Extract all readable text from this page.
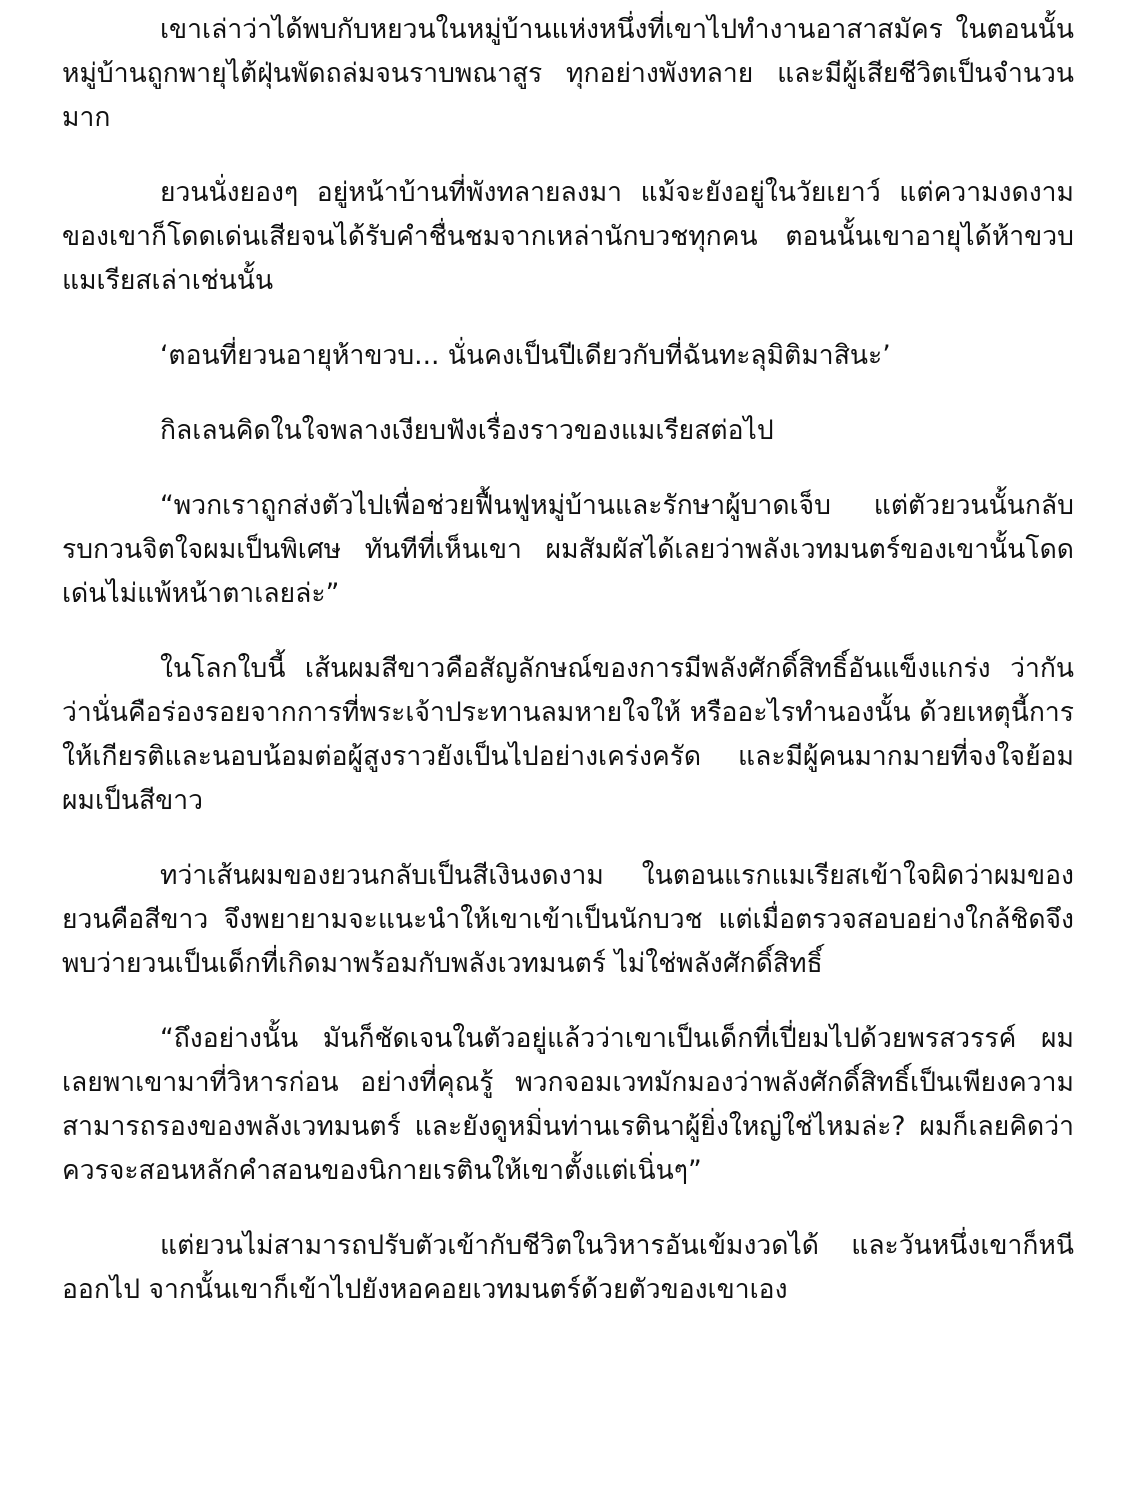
เขาเล่าว่าได้พบกับหยวนในหมู่บ้านแห่งหนึ่งที่เขาไปทำงานอาสาสมัคร ในตอนนั้นหมู่บ้านถูกพายุไต้ฝุ่นพัดถล่มจนราบพณาสูร ทุกอย่างพังทลาย และมีผู้เสียชีวิตเป็นจำนวนมาก

ยวนนั่งยองๆ อยู่หน้าบ้านที่พังทลายลงมา แม้จะยังอยู่ในวัยเยาว์ แต่ความงดงามของเขาก็โดดเด่นเสียจนได้รับคำชื่นชมจากเหล่านักบวชทุกคน ตอนนั้นเขาอายุได้ห้าขวบ แมเรียสเล่าเช่นนั้น

‘ตอนที่ยวนอายุห้าขวบ... นั่นคงเป็นปีเดียวกับที่ฉันทะลุมิติมาสินะ’

กิลเลนคิดในใจพลางเงียบฟังเรื่องราวของแมเรียสต่อไป

“พวกเราถูกส่งตัวไปเพื่อช่วยฟื้นฟูหมู่บ้านและรักษาผู้บาดเจ็บ แต่ตัวยวนนั้นกลับรบกวนจิตใจผมเป็นพิเศษ ทันทีที่เห็นเขา ผมสัมผัสได้เลยว่าพลังเวทมนตร์ของเขานั้นโดดเด่นไม่แพ้หน้าตาเลยล่ะ”

ในโลกใบนี้ เส้นผมสีขาวคือสัญลักษณ์ของการมีพลังศักดิ์สิทธิ์อันแข็งแกร่ง ว่ากันว่านั่นคือร่องรอยจากการที่พระเจ้าประทานลมหายใจให้ หรืออะไรทำนองนั้น ด้วยเหตุนี้การให้เกียรติและนอบน้อมต่อผู้สูงราวยังเป็นไปอย่างเคร่งครัด และมีผู้คนมากมายที่จงใจย้อมผมเป็นสีขาว

ทว่าเส้นผมของยวนกลับเป็นสีเงินงดงาม ในตอนแรกแมเรียสเข้าใจผิดว่าผมของยวนคือสีขาว จึงพยายามจะแนะนำให้เขาเข้าเป็นนักบวช แต่เมื่อตรวจสอบอย่างใกล้ชิดจึงพบว่ายวนเป็นเด็กที่เกิดมาพร้อมกับพลังเวทมนตร์ ไม่ใช่พลังศักดิ์สิทธิ์

“ถึงอย่างนั้น มันก็ชัดเจนในตัวอยู่แล้วว่าเขาเป็นเด็กที่เปี่ยมไปด้วยพรสวรรค์ ผมเลยพาเขามาที่วิหารก่อน อย่างที่คุณรู้ พวกจอมเวทมักมองว่าพลังศักดิ์สิทธิ์เป็นเพียงความสามารถรองของพลังเวทมนตร์ และยังดูหมิ่นท่านเรตินาผู้ยิ่งใหญ่ใช่ไหมล่ะ? ผมก็เลยคิดว่าควรจะสอนหลักคำสอนของนิกายเรตินให้เขาตั้งแต่เนิ่นๆ”

แต่ยวนไม่สามารถปรับตัวเข้ากับชีวิตในวิหารอันเข้มงวดได้ และวันหนึ่งเขาก็หนีออกไป จากนั้นเขาก็เข้าไปยังหอคอยเวทมนตร์ด้วยตัวของเขาเอง
